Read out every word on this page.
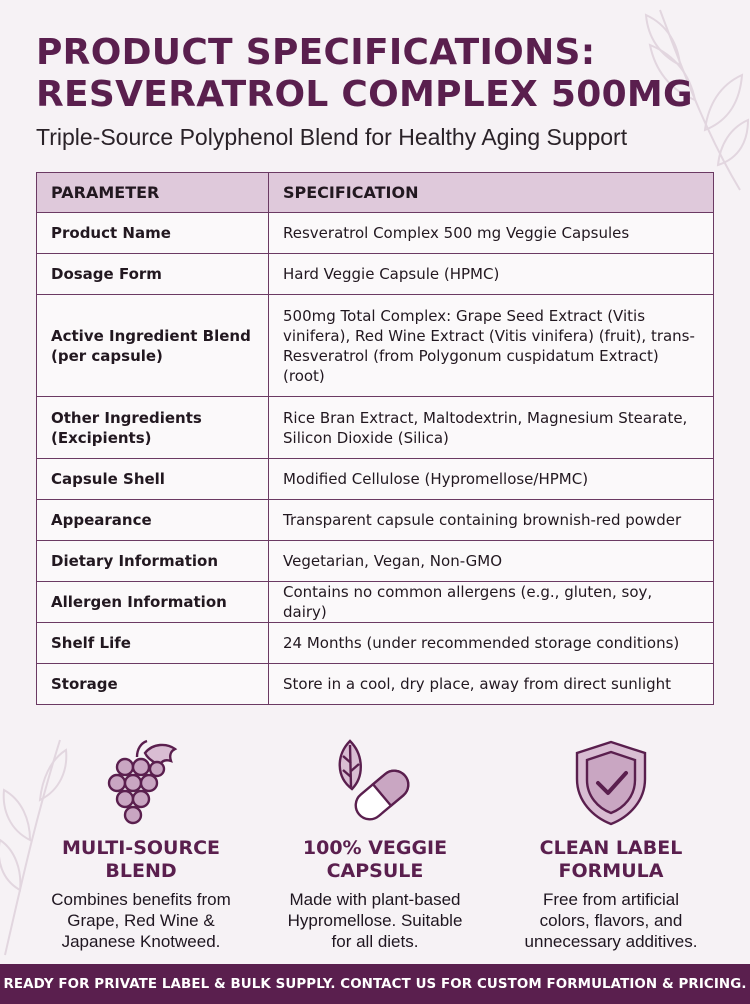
PRODUCT SPECIFICATIONS:
RESVERATROL COMPLEX 500MG
Triple-Source Polyphenol Blend for Healthy Aging Support
PARAMETER	SPECIFICATION
Product Name	Resveratrol Complex 500 mg Veggie Capsules
Dosage Form	Hard Veggie Capsule (HPMC)
Active Ingredient Blend (per capsule)	500mg Total Complex: Grape Seed Extract (Vitis vinifera), Red Wine Extract (Vitis vinifera) (fruit), trans-Resveratrol (from Polygonum cuspidatum Extract) (root)
Other Ingredients (Excipients)	Rice Bran Extract, Maltodextrin, Magnesium Stearate, Silicon Dioxide (Silica)
Capsule Shell	Modified Cellulose (Hypromellose/HPMC)
Appearance	Transparent capsule containing brownish-red powder
Dietary Information	Vegetarian, Vegan, Non-GMO
Allergen Information	Contains no common allergens (e.g., gluten, soy, dairy)
Shelf Life	24 Months (under recommended storage conditions)
Storage	Store in a cool, dry place, away from direct sunlight
MULTI-SOURCE
BLEND
Combines benefits from
Grape, Red Wine &
Japanese Knotweed.
100% VEGGIE
CAPSULE
Made with plant-based
Hypromellose. Suitable
for all diets.
CLEAN LABEL
FORMULA
Free from artificial
colors, flavors, and
unnecessary additives.
READY FOR PRIVATE LABEL & BULK SUPPLY. CONTACT US FOR CUSTOM FORMULATION & PRICING.
